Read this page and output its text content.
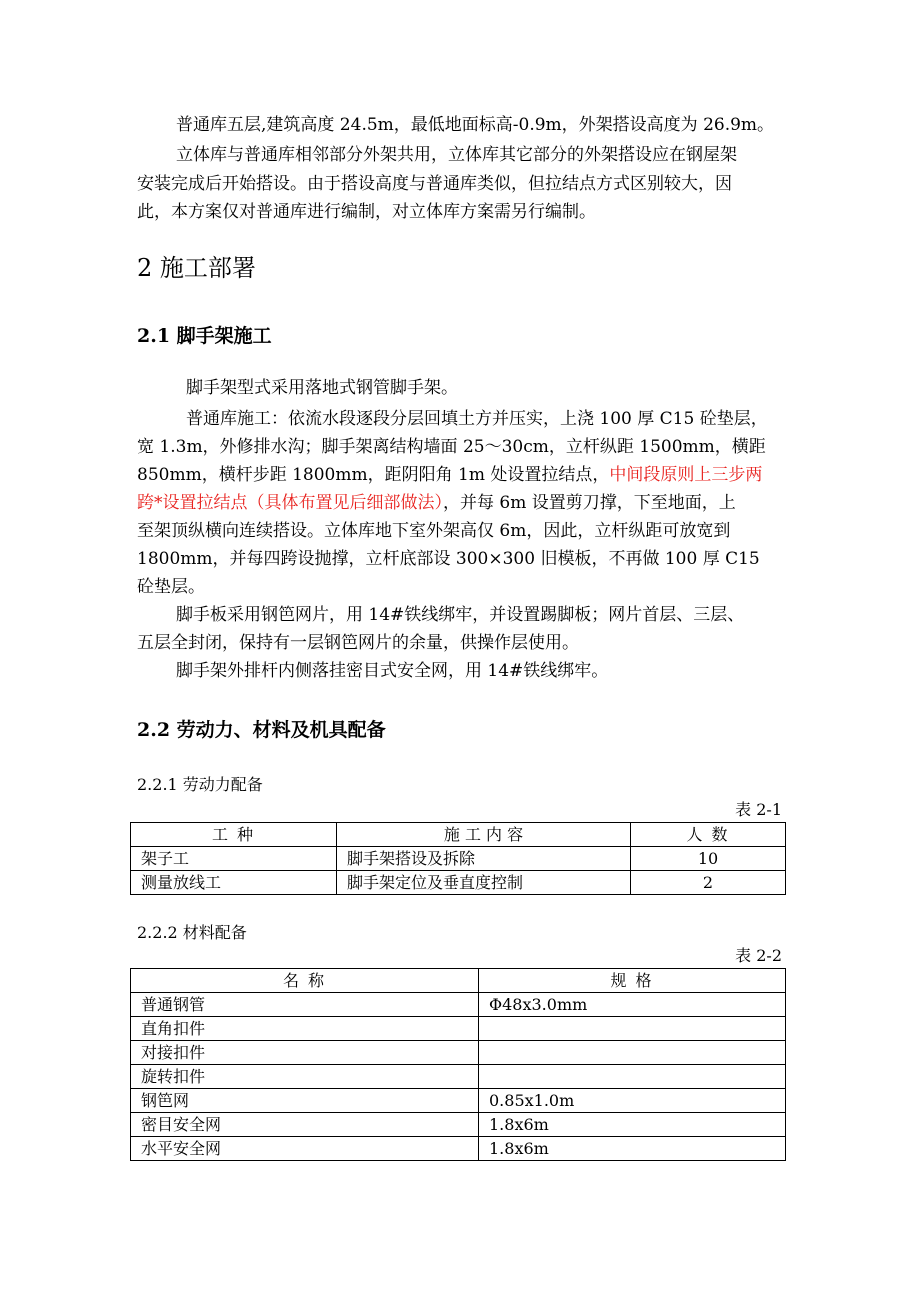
普通库五层,建筑高度 24.5m，最低地面标高-0.9m，外架搭设高度为 26.9m。

立体库与普通库相邻部分外架共用，立体库其它部分的外架搭设应在钢屋架

安装完成后开始搭设。由于搭设高度与普通库类似，但拉结点方式区别较大，因

此，本方案仅对普通库进行编制，对立体库方案需另行编制。

2 施工部署
2.1 脚手架施工

脚手架型式采用落地式钢管脚手架。

普通库施工：依流水段逐段分层回填土方并压实，上浇 100 厚 C15 砼垫层，

宽 1.3m，外修排水沟；脚手架离结构墙面 25～30cm，立杆纵距 1500mm，横距

850mm，横杆步距 1800mm，距阴阳角 1m 处设置拉结点，中间段原则上三步两

跨*设置拉结点（具体布置见后细部做法），并每 6m 设置剪刀撑，下至地面，上

至架顶纵横向连续搭设。立体库地下室外架高仅 6m，因此，立杆纵距可放宽到

1800mm，并每四跨设抛撑，立杆底部设 300×300 旧模板，不再做 100 厚 C15

砼垫层。

脚手板采用钢笆网片，用 14#铁线绑牢，并设置踢脚板；网片首层、三层、

五层全封闭，保持有一层钢笆网片的余量，供操作层使用。

脚手架外排杆内侧落挂密目式安全网，用 14#铁线绑牢。

2.2 劳动力、材料及机具配备
2.2.1 劳动力配备
表 2-1
工 种	施 工 内 容	人 数
架子工	脚手架搭设及拆除	10
测量放线工	脚手架定位及垂直度控制	2
2.2.2 材料配备
表 2-2
名 称	规 格
普通钢管	Φ48x3.0mm
直角扣件	
对接扣件	
旋转扣件	
钢笆网	0.85x1.0m
密目安全网	1.8x6m
水平安全网	1.8x6m
